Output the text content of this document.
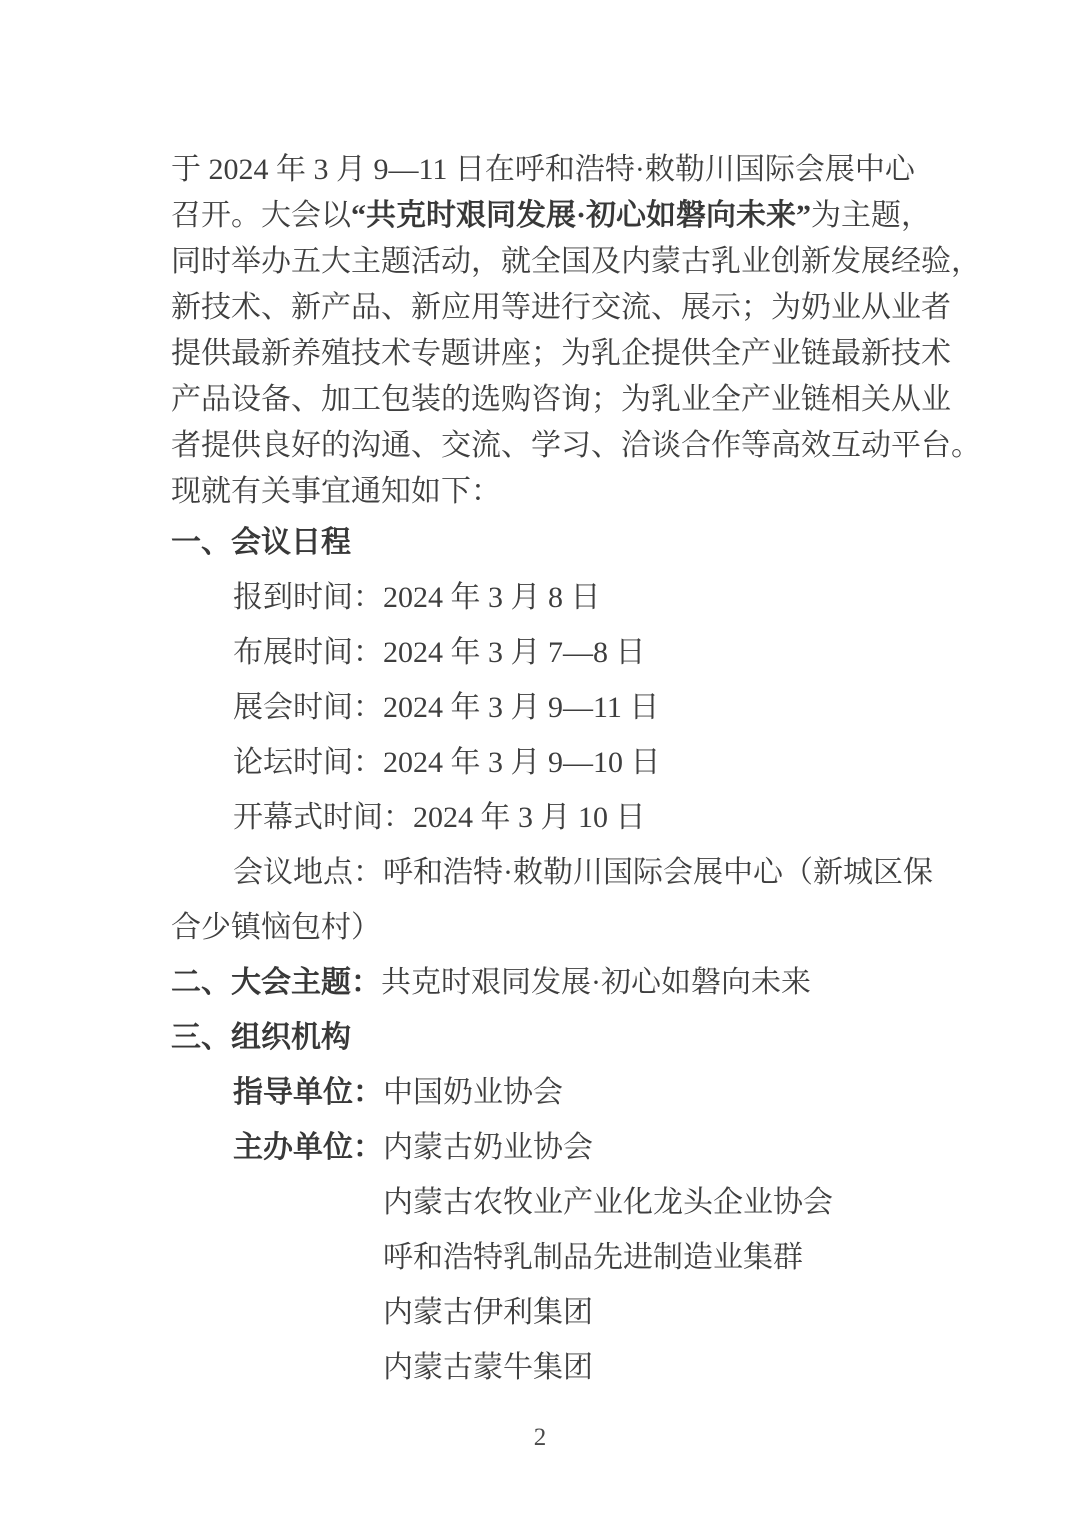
于 2024 年 3 月 9—11 日在呼和浩特·敕勒川国际会展中心
召开。大会以“共克时艰同发展·初心如磐向未来”为主题，
同时举办五大主题活动，就全国及内蒙古乳业创新发展经验，
新技术、新产品、新应用等进行交流、展示；为奶业从业者
提供最新养殖技术专题讲座；为乳企提供全产业链最新技术
产品设备、加工包装的选购咨询；为乳业全产业链相关从业
者提供良好的沟通、交流、学习、洽谈合作等高效互动平台。
现就有关事宜通知如下：
一、会议日程
报到时间：2024 年 3 月 8 日
布展时间：2024 年 3 月 7—8 日
展会时间：2024 年 3 月 9—11 日
论坛时间：2024 年 3 月 9—10 日
开幕式时间：2024 年 3 月 10 日
会议地点：呼和浩特·敕勒川国际会展中心（新城区保
合少镇恼包村）
二、大会主题：共克时艰同发展·初心如磐向未来
三、组织机构
指导单位：中国奶业协会
主办单位：内蒙古奶业协会
内蒙古农牧业产业化龙头企业协会
呼和浩特乳制品先进制造业集群
内蒙古伊利集团
内蒙古蒙牛集团
2
